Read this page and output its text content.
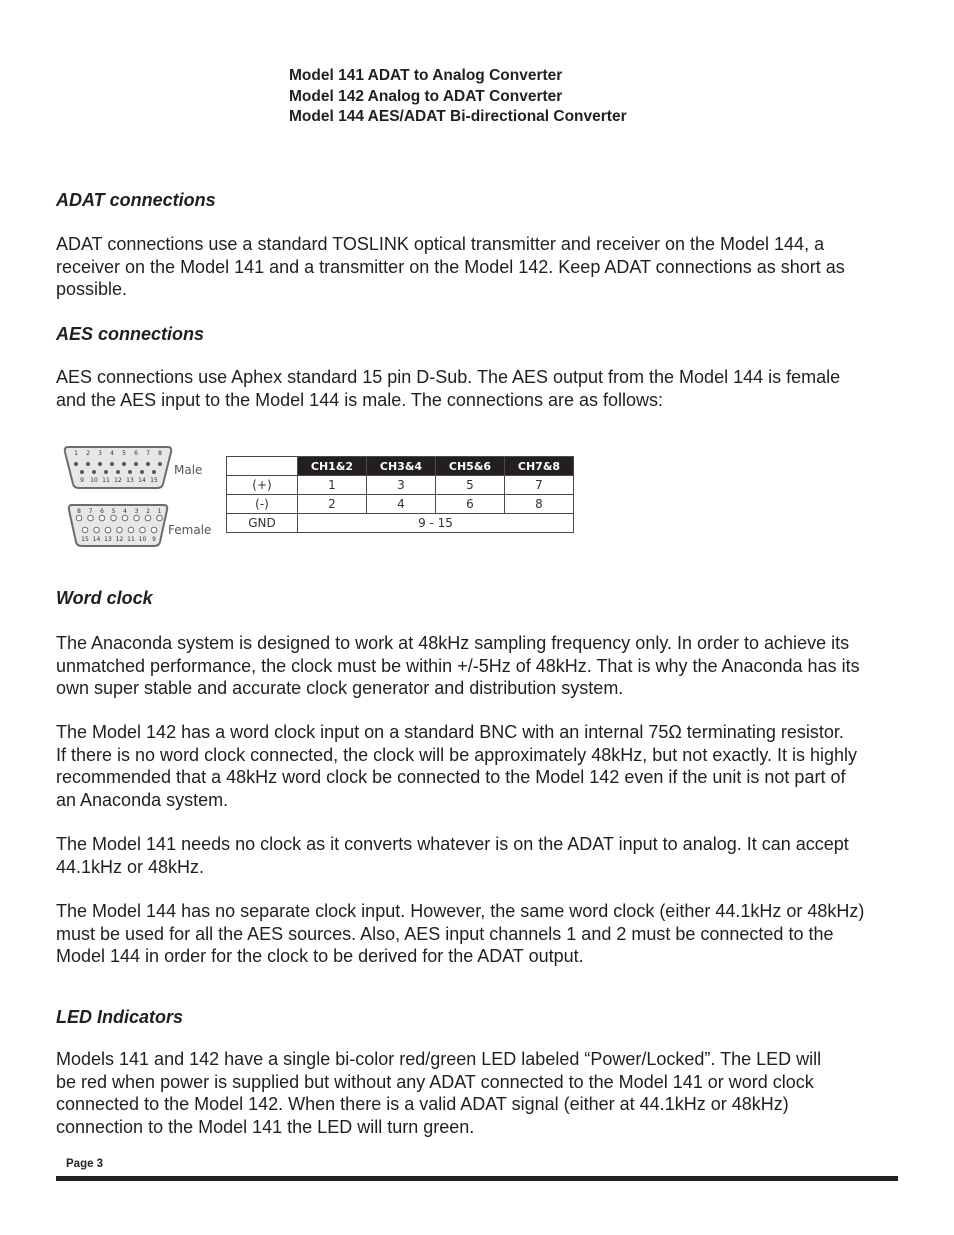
Model 141 ADAT to Analog Converter
Model 142 Analog to ADAT Converter
Model 144 AES/ADAT Bi-directional Converter
ADAT connections

ADAT connections use a standard TOSLINK optical transmitter and receiver on the Model 144, a
receiver on the Model 141 and a transmitter on the Model 142. Keep ADAT connections as short as
possible.

AES connections

AES connections use Aphex standard 15 pin D-Sub. The AES output from the Model 144 is female
and the AES input to the Model 144 is male. The connections are as follows:

1 2 3 4 5 6 7 8
9 10 11 12 13 14 15
Male
8 7 6 5 4 3 2 1
15 14 13 12 11 10 9
Female
	CH1&2	CH3&4	CH5&6	CH7&8
(+)	1	3	5	7
(-)	2	4	6	8
GND	9 - 15			
Word clock

The Anaconda system is designed to work at 48kHz sampling frequency only. In order to achieve its
unmatched performance, the clock must be within +/-5Hz of 48kHz. That is why the Anaconda has its
own super stable and accurate clock generator and distribution system.

The Model 142 has a word clock input on a standard BNC with an internal 75Ω terminating resistor.
If there is no word clock connected, the clock will be approximately 48kHz, but not exactly. It is highly
recommended that a 48kHz word clock be connected to the Model 142 even if the unit is not part of
an Anaconda system.

The Model 141 needs no clock as it converts whatever is on the ADAT input to analog. It can accept
44.1kHz or 48kHz.

The Model 144 has no separate clock input. However, the same word clock (either 44.1kHz or 48kHz)
must be used for all the AES sources. Also, AES input channels 1 and 2 must be connected to the
Model 144 in order for the clock to be derived for the ADAT output.

LED Indicators

Models 141 and 142 have a single bi-color red/green LED labeled “Power/Locked”. The LED will
be red when power is supplied but without any ADAT connected to the Model 141 or word clock
connected to the Model 142. When there is a valid ADAT signal (either at 44.1kHz or 48kHz)
connection to the Model 141 the LED will turn green.

Page 3
